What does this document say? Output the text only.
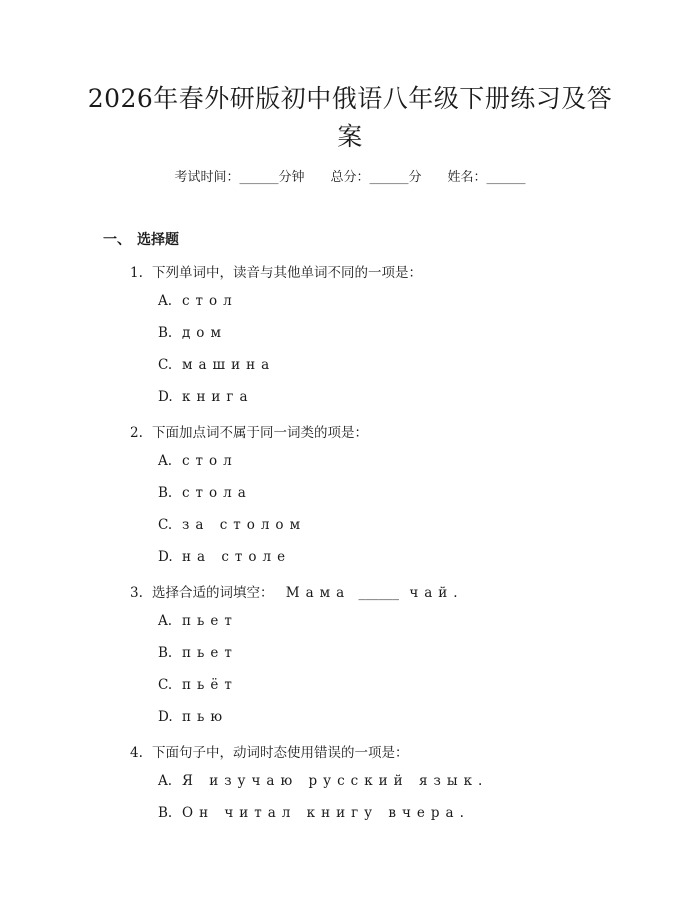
2026年春外研版初中俄语八年级下册练习及答案
考试时间：______分钟 总分：______分 姓名：______
一、 选择题
1. 下列单词中，读音与其他单词不同的一项是：
A. стол
B. дом
C. машина
D. книга
2. 下面加点词不属于同一词类的项是：
A. стол
B. стола
C. за столом
D. на столе
3. 选择合适的词填空： Мама ______ чай.
A. пьет
B. пьет
C. пьёт
D. пью
4. 下面句子中，动词时态使用错误的一项是：
A. Я изучаю русский язык.
B. Он читал книгу вчера.
